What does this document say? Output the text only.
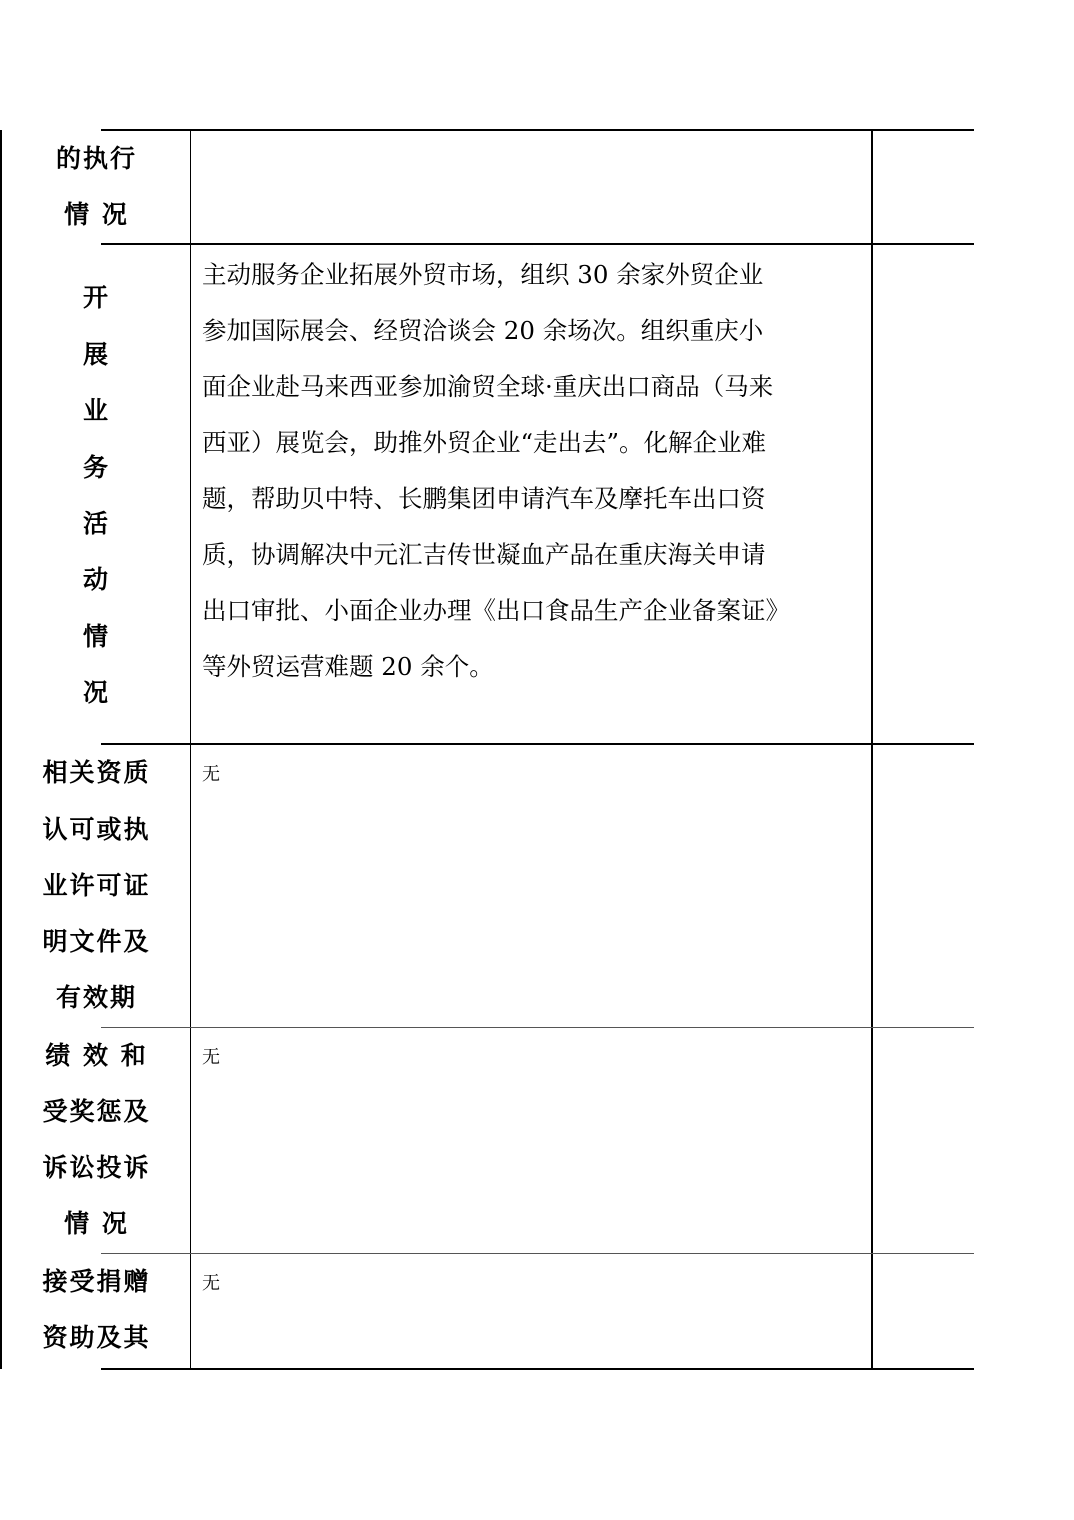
的执行
情 况
开
展
业
务
活
动
情
况
主动服务企业拓展外贸市场，组织 30 余家外贸企业
参加国际展会、经贸洽谈会 20 余场次。组织重庆小
面企业赴马来西亚参加渝贸全球·重庆出口商品（马来
西亚）展览会，助推外贸企业“走出去”。化解企业难
题，帮助贝中特、长鹏集团申请汽车及摩托车出口资
质，协调解决中元汇吉传世凝血产品在重庆海关申请
出口审批、小面企业办理《出口食品生产企业备案证》
等外贸运营难题 20 余个。
相关资质
认可或执
业许可证
明文件及
有效期
无
绩 效 和
受奖惩及
诉讼投诉
情 况
无
接受捐赠
资助及其
无
